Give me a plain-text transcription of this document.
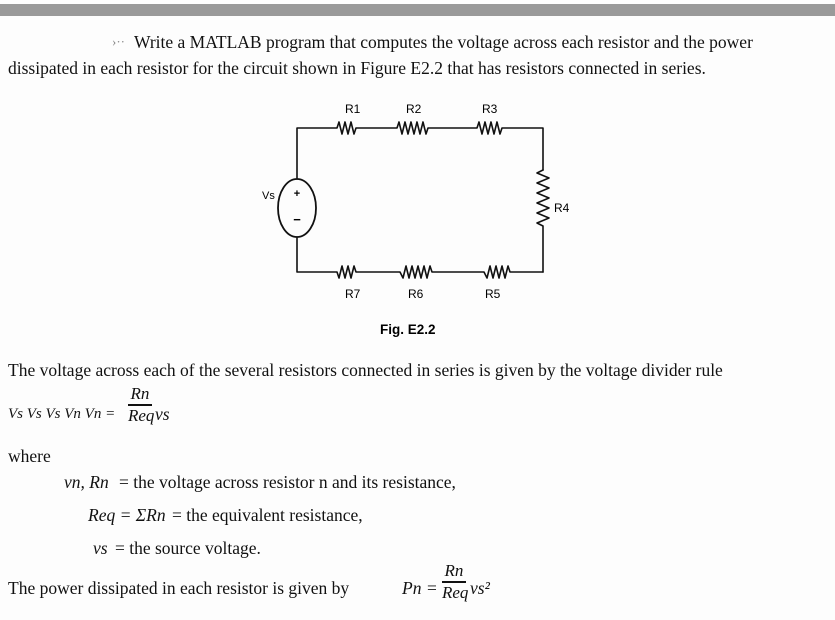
›·· Write a MATLAB program that computes the voltage across each resistor and the power
dissipated in each resistor for the circuit shown in Figure E2.2 that has resistors connected in series.
+
−
Vs
R1	R2	R3
R4
R7	R6	R5
Fig. E2.2
The voltage across each of the several resistors connected in series is given by the voltage divider rule
Vs Vs Vs Vn Vn =
Rn
Req vs
where
vn, Rn = the voltage across resistor n and its resistance,
Req = ΣRn = the equivalent resistance,
vs = the source voltage.
The power dissipated in each resistor is given by	Pn =
Rn
Req vs²
